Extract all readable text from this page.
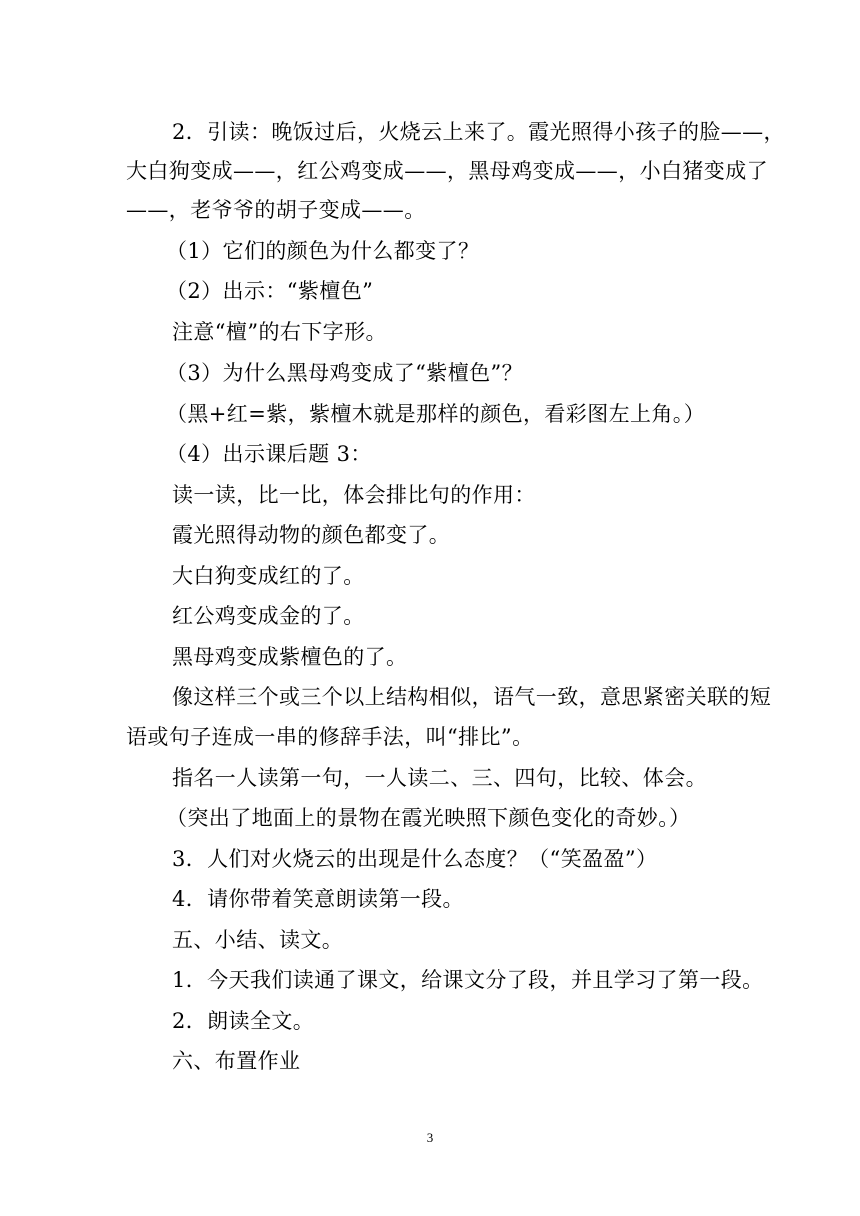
2．引读：晚饭过后，火烧云上来了。霞光照得小孩子的脸——，
大白狗变成——，红公鸡变成——，黑母鸡变成——，小白猪变成了
——，老爷爷的胡子变成——。
（1）它们的颜色为什么都变了？
（2）出示：“紫檀色”
注意“檀”的右下字形。
（3）为什么黑母鸡变成了“紫檀色”？
（黑+红=紫，紫檀木就是那样的颜色，看彩图左上角。）
（4）出示课后题 3：
读一读，比一比，体会排比句的作用：
霞光照得动物的颜色都变了。
大白狗变成红的了。
红公鸡变成金的了。
黑母鸡变成紫檀色的了。
像这样三个或三个以上结构相似，语气一致，意思紧密关联的短
语或句子连成一串的修辞手法，叫“排比”。
指名一人读第一句，一人读二、三、四句，比较、体会。
（突出了地面上的景物在霞光映照下颜色变化的奇妙。）
3．人们对火烧云的出现是什么态度？（“笑盈盈”）
4．请你带着笑意朗读第一段。
五、小结、读文。
1．今天我们读通了课文，给课文分了段，并且学习了第一段。
2．朗读全文。
六、布置作业
3
